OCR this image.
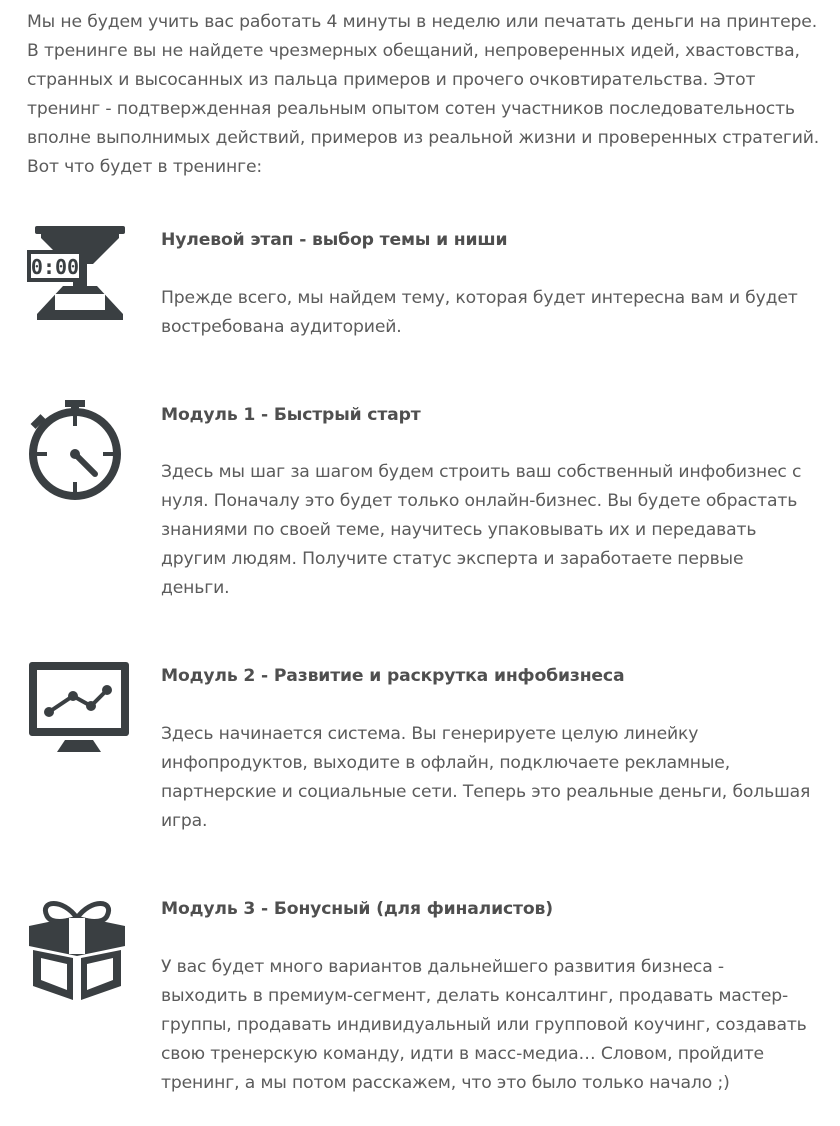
Мы не будем учить вас работать 4 минуты в неделю или печатать деньги на принтере. В тренинге вы не найдете чрезмерных обещаний, непроверенных идей, хвастовства, странных и высосанных из пальца примеров и прочего очковтирательства. Этот тренинг - подтвержденная реальным опытом сотен участников последовательность вполне выполнимых действий, примеров из реальной жизни и проверенных стратегий. Вот что будет в тренинге:

0:00
Нулевой этап - выбор темы и ниши

Прежде всего, мы найдем тему, которая будет интересна вам и будет востребована аудиторией.

Модуль 1 - Быстрый старт

Здесь мы шаг за шагом будем строить ваш собственный инфобизнес с нуля. Поначалу это будет только онлайн-бизнес. Вы будете обрастать знаниями по своей теме, научитесь упаковывать их и передавать другим людям. Получите статус эксперта и заработаете первые деньги.

Модуль 2 - Развитие и раскрутка инфобизнеса

Здесь начинается система. Вы генерируете целую линейку инфопродуктов, выходите в офлайн, подключаете рекламные, партнерские и социальные сети. Теперь это реальные деньги, большая игра.

Модуль 3 - Бонусный (для финалистов)

У вас будет много вариантов дальнейшего развития бизнеса - выходить в премиум-сегмент, делать консалтинг, продавать мастер-группы, продавать индивидуальный или групповой коучинг, создавать свою тренерскую команду, идти в масс-медиа… Словом, пройдите тренинг, а мы потом расскажем, что это было только начало ;)
